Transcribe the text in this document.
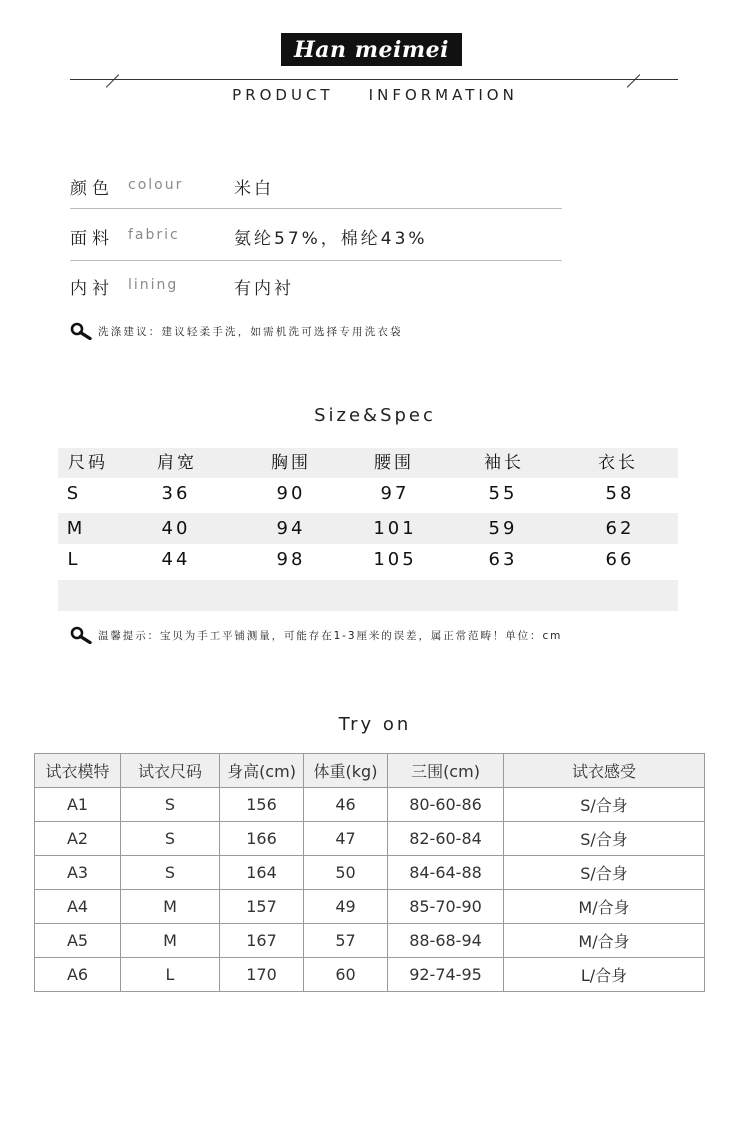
Han meimei
PRODUCT    INFORMATION
颜色 colour	米白
面料 fabric	氨纶57%，棉纶43%
内衬 lining	有内衬
洗涤建议：建议轻柔手洗，如需机洗可选择专用洗衣袋
Size&Spec
尺码	肩宽	胸围	腰围	袖长	衣长
S	36	90	97	55	58
M	40	94	101	59	62
L	44	98	105	63	66
温馨提示：宝贝为手工平铺测量，可能存在1-3厘米的误差，属正常范畴！单位：cm
Try on
试衣模特	试衣尺码	身高(cm)	体重(kg)	三围(cm)	试衣感受
A1	S	156	46	80-60-86	S/合身
A2	S	166	47	82-60-84	S/合身
A3	S	164	50	84-64-88	S/合身
A4	M	157	49	85-70-90	M/合身
A5	M	167	57	88-68-94	M/合身
A6	L	170	60	92-74-95	L/合身
